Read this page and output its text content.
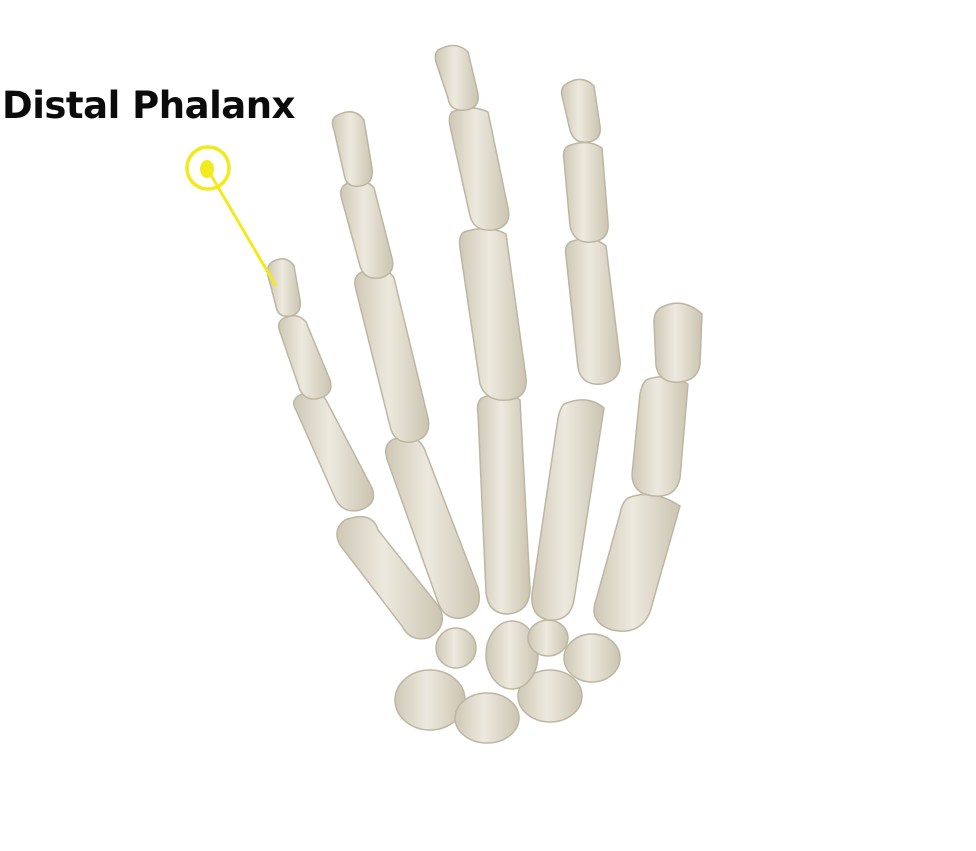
Distal Phalanx
